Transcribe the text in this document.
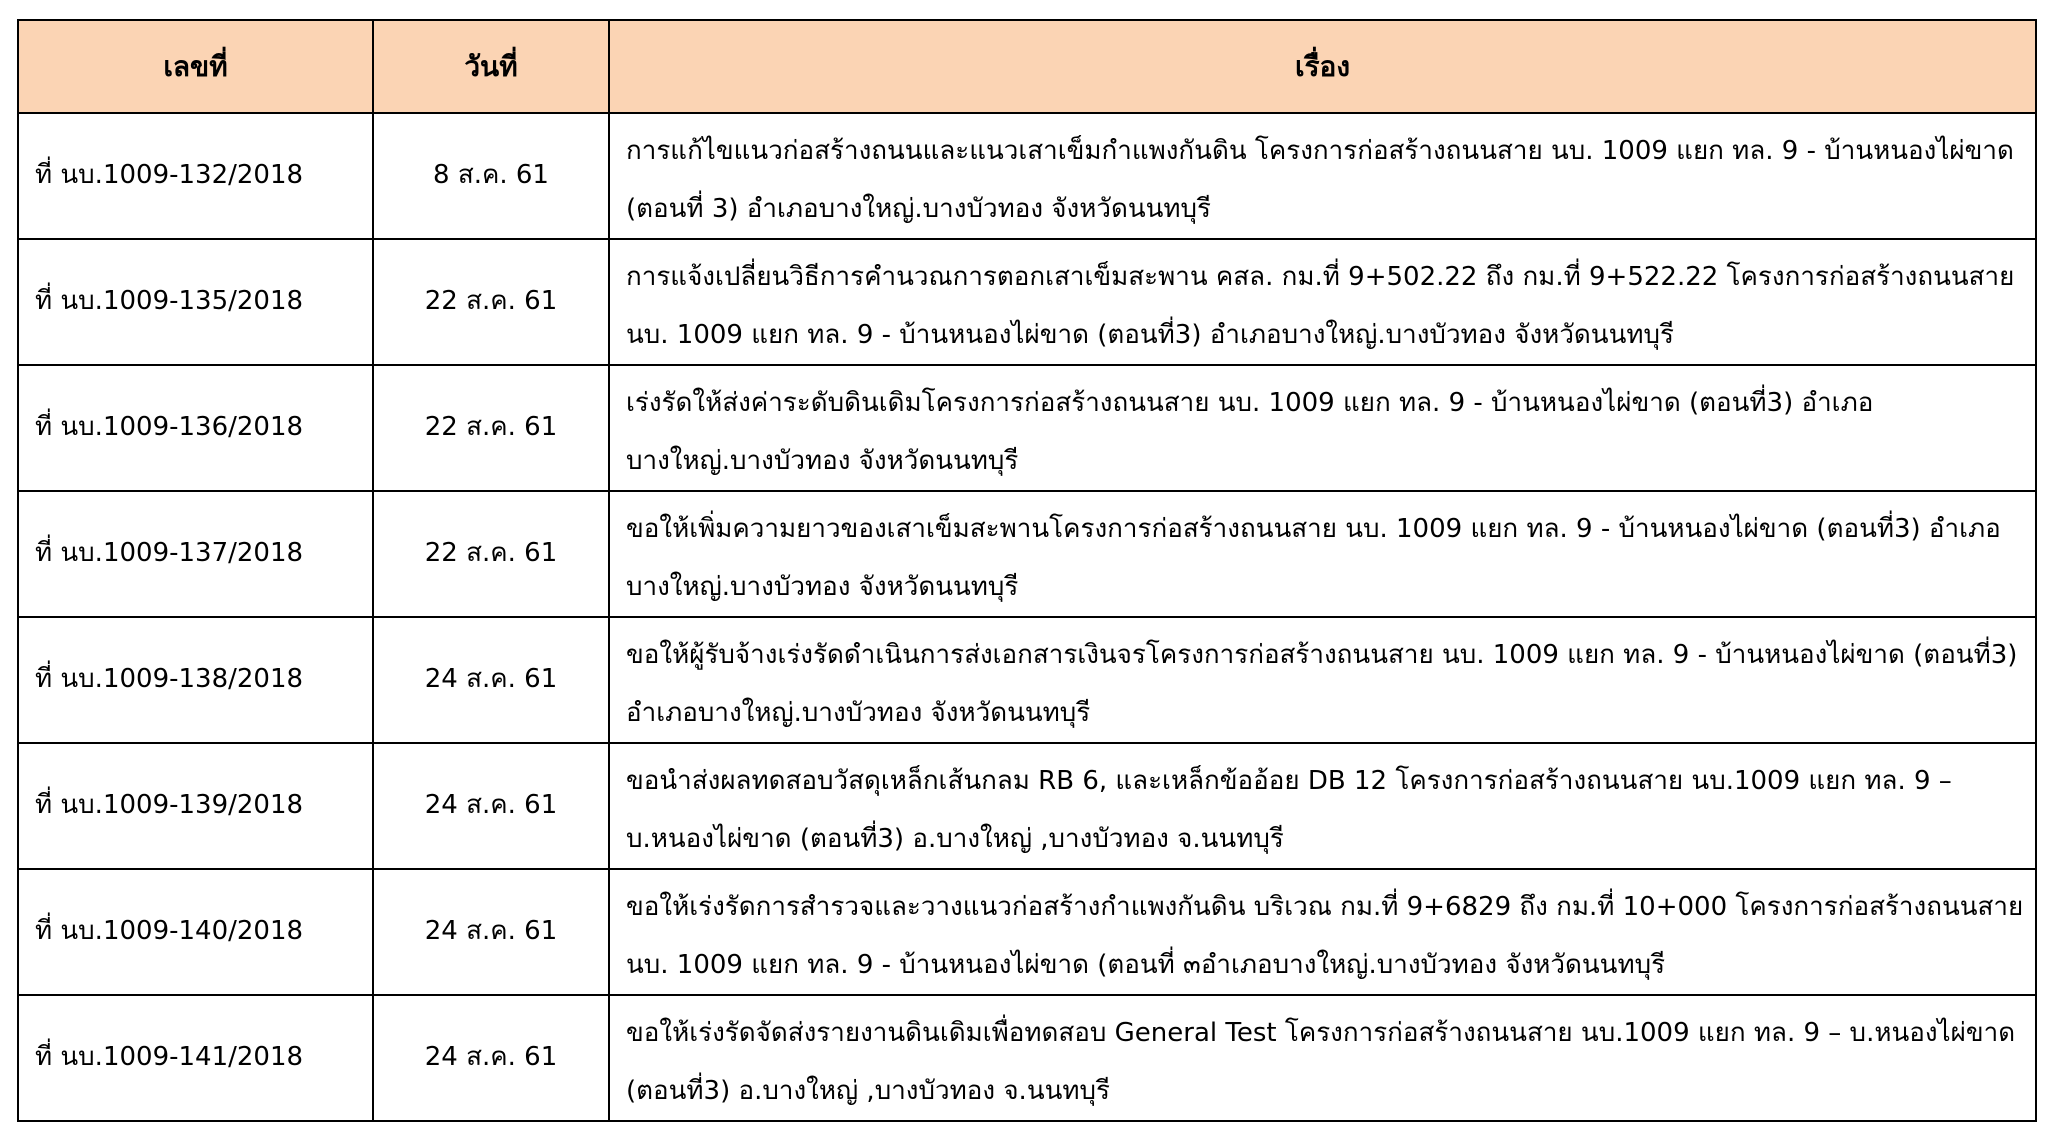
เลขที่	วันที่	เรื่อง
ที่ นบ.1009-132/2018	8 ส.ค. 61	การแก้ไขแนวก่อสร้างถนนและแนวเสาเข็มกำแพงกันดิน โครงการก่อสร้างถนนสาย นบ. 1009 แยก ทล. 9 - บ้านหนองไผ่ขาด (ตอนที่ 3) อำเภอบางใหญ่.บางบัวทอง จังหวัดนนทบุรี
ที่ นบ.1009-135/2018	22 ส.ค. 61	การแจ้งเปลี่ยนวิธีการคำนวณการตอกเสาเข็มสะพาน คสล. กม.ที่ 9+502.22 ถึง กม.ที่ 9+522.22 โครงการก่อสร้างถนนสาย นบ. 1009 แยก ทล. 9 - บ้านหนองไผ่ขาด (ตอนที่3) อำเภอบางใหญ่.บางบัวทอง จังหวัดนนทบุรี
ที่ นบ.1009-136/2018	22 ส.ค. 61	เร่งรัดให้ส่งค่าระดับดินเดิมโครงการก่อสร้างถนนสาย นบ. 1009 แยก ทล. 9 - บ้านหนองไผ่ขาด (ตอนที่3) อำเภอบางใหญ่.บางบัวทอง จังหวัดนนทบุรี
ที่ นบ.1009-137/2018	22 ส.ค. 61	ขอให้เพิ่มความยาวของเสาเข็มสะพานโครงการก่อสร้างถนนสาย นบ. 1009 แยก ทล. 9 - บ้านหนองไผ่ขาด (ตอนที่3) อำเภอบางใหญ่.บางบัวทอง จังหวัดนนทบุรี
ที่ นบ.1009-138/2018	24 ส.ค. 61	ขอให้ผู้รับจ้างเร่งรัดดำเนินการส่งเอกสารเงินจรโครงการก่อสร้างถนนสาย นบ. 1009 แยก ทล. 9 - บ้านหนองไผ่ขาด (ตอนที่3) อำเภอบางใหญ่.บางบัวทอง จังหวัดนนทบุรี
ที่ นบ.1009-139/2018	24 ส.ค. 61	ขอนำส่งผลทดสอบวัสดุเหล็กเส้นกลม RB 6, และเหล็กข้ออ้อย DB 12 โครงการก่อสร้างถนนสาย นบ.1009 แยก ทล. 9 – บ.หนองไผ่ขาด (ตอนที่3) อ.บางใหญ่ ,บางบัวทอง จ.นนทบุรี
ที่ นบ.1009-140/2018	24 ส.ค. 61	ขอให้เร่งรัดการสำรวจและวางแนวก่อสร้างกำแพงกันดิน บริเวณ กม.ที่ 9+6829 ถึง กม.ที่ 10+000 โครงการก่อสร้างถนนสาย นบ. 1009 แยก ทล. 9 - บ้านหนองไผ่ขาด (ตอนที่ ๓อำเภอบางใหญ่.บางบัวทอง จังหวัดนนทบุรี
ที่ นบ.1009-141/2018	24 ส.ค. 61	ขอให้เร่งรัดจัดส่งรายงานดินเดิมเพื่อทดสอบ General Test โครงการก่อสร้างถนนสาย นบ.1009 แยก ทล. 9 – บ.หนองไผ่ขาด (ตอนที่3) อ.บางใหญ่ ,บางบัวทอง จ.นนทบุรี
